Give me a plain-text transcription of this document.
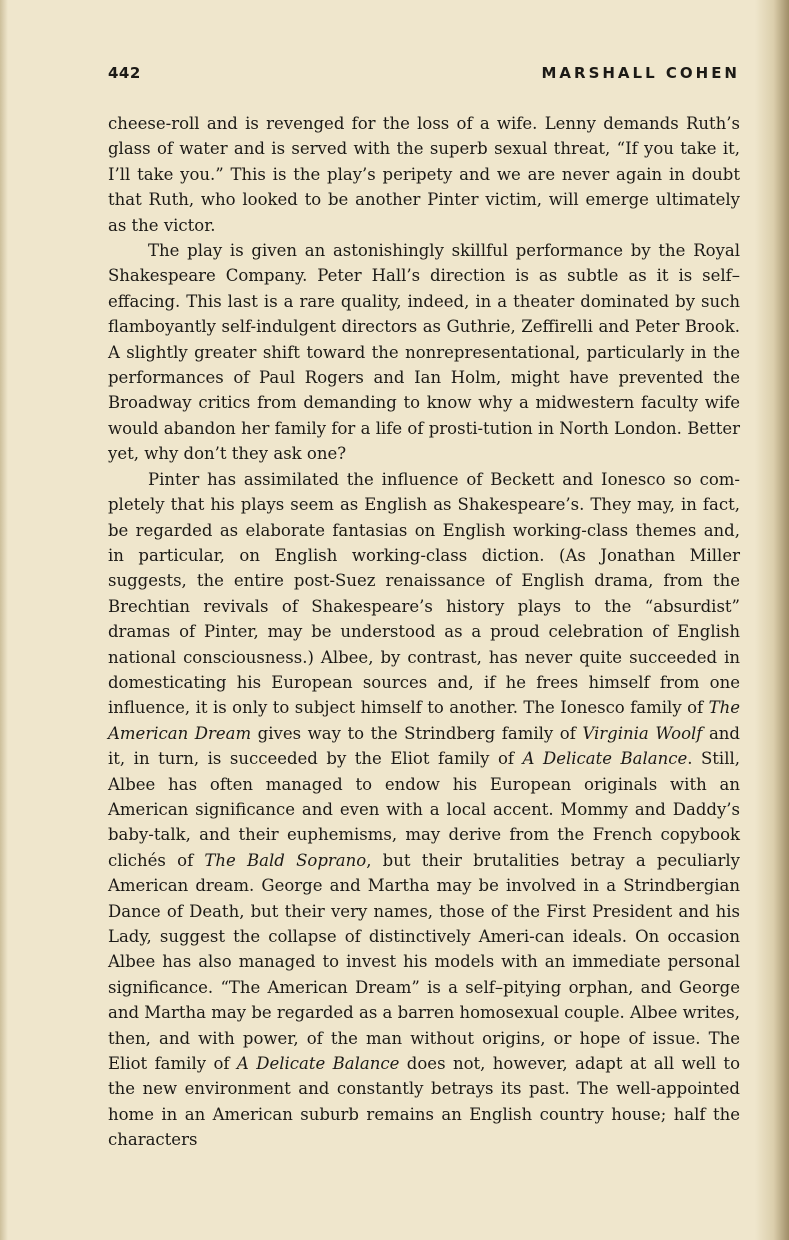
442	MARSHALL COHEN

cheese-roll and is revenged for the loss of a wife. Lenny demands Ruth’s glass of water and is served with the superb sexual threat, “If you take it, I’ll take you.” This is the play’s peripety and we are never again in doubt that Ruth, who looked to be another Pinter victim, will emerge ultimately as the victor.

The play is given an astonishingly skillful performance by the Royal Shakespeare Company. Peter Hall’s direction is as subtle as it is self–effacing. This last is a rare quality, indeed, in a theater dominated by such flamboyantly self-indulgent directors as Guthrie, Zeffirelli and Peter Brook. A slightly greater shift toward the nonrepresentational, particularly in the performances of Paul Rogers and Ian Holm, might have prevented the Broadway critics from demanding to know why a midwestern faculty wife would abandon her family for a life of prosti-tution in North London. Better yet, why don’t they ask one?

Pinter has assimilated the influence of Beckett and Ionesco so com-pletely that his plays seem as English as Shakespeare’s. They may, in fact, be regarded as elaborate fantasias on English working-class themes and, in particular, on English working-class diction. (As Jonathan Miller suggests, the entire post-Suez renaissance of English drama, from the Brechtian revivals of Shakespeare’s history plays to the “absurdist” dramas of Pinter, may be understood as a proud celebration of English national consciousness.) Albee, by contrast, has never quite succeeded in domesticating his European sources and, if he frees himself from one influence, it is only to subject himself to another. The Ionesco family of The American Dream gives way to the Strindberg family of Virginia Woolf and it, in turn, is succeeded by the Eliot family of A Delicate Balance. Still, Albee has often managed to endow his European originals with an American significance and even with a local accent. Mommy and Daddy’s baby-talk, and their euphemisms, may derive from the French copybook clichés of The Bald Soprano, but their brutalities betray a peculiarly American dream. George and Martha may be involved in a Strindbergian Dance of Death, but their very names, those of the First President and his Lady, suggest the collapse of distinctively Ameri-can ideals. On occasion Albee has also managed to invest his models with an immediate personal significance. “The American Dream” is a self–pitying orphan, and George and Martha may be regarded as a barren homosexual couple. Albee writes, then, and with power, of the man without origins, or hope of issue. The Eliot family of A Delicate Balance does not, however, adapt at all well to the new environment and constantly betrays its past. The well-appointed home in an American suburb remains an English country house; half the characters
